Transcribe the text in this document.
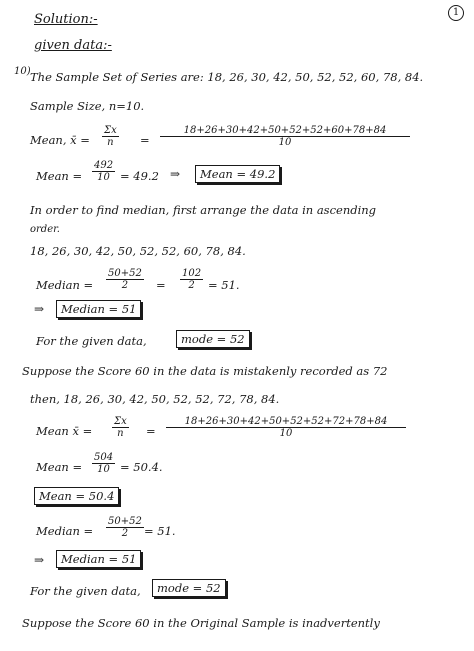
1
Solution:-
given data:-
10) The Sample Set of Series are: 18, 26, 30, 42, 50, 52, 52, 60, 78, 84.
Sample Size, n=10.
Mean, x̄ = $\frac{\Sigma x}{n} = \frac{18+26+30+42+50+52+52+60+78+84}{10}$
Mean = $\frac{492}{10} = 49.2$ ⇒	Mean = 49.2
In order to find median, first arrange the data in ascending
order.
18, 26, 30, 42, 50, 52, 52, 60, 78, 84.
Median = $\frac{50+52}{2} = \frac{102}{2} = 51$.
⇒	Median = 51
For the given data,	mode = 52
Suppose the Score 60 in the data is mistakenly recorded as 72
then, 18, 26, 30, 42, 50, 52, 52, 72, 78, 84.
Mean x̄ = $\frac{\Sigma x}{n} = \frac{18+26+30+42+50+52+52+72+78+84}{10}$
Mean = $\frac{504}{10} = 50.4$.
Mean = 50.4
Median = $\frac{50+52}{2} = 51$.
⇒	Median = 51
For the given data,	mode = 52
Suppose the Score 60 in the Original Sample is inadvertently
